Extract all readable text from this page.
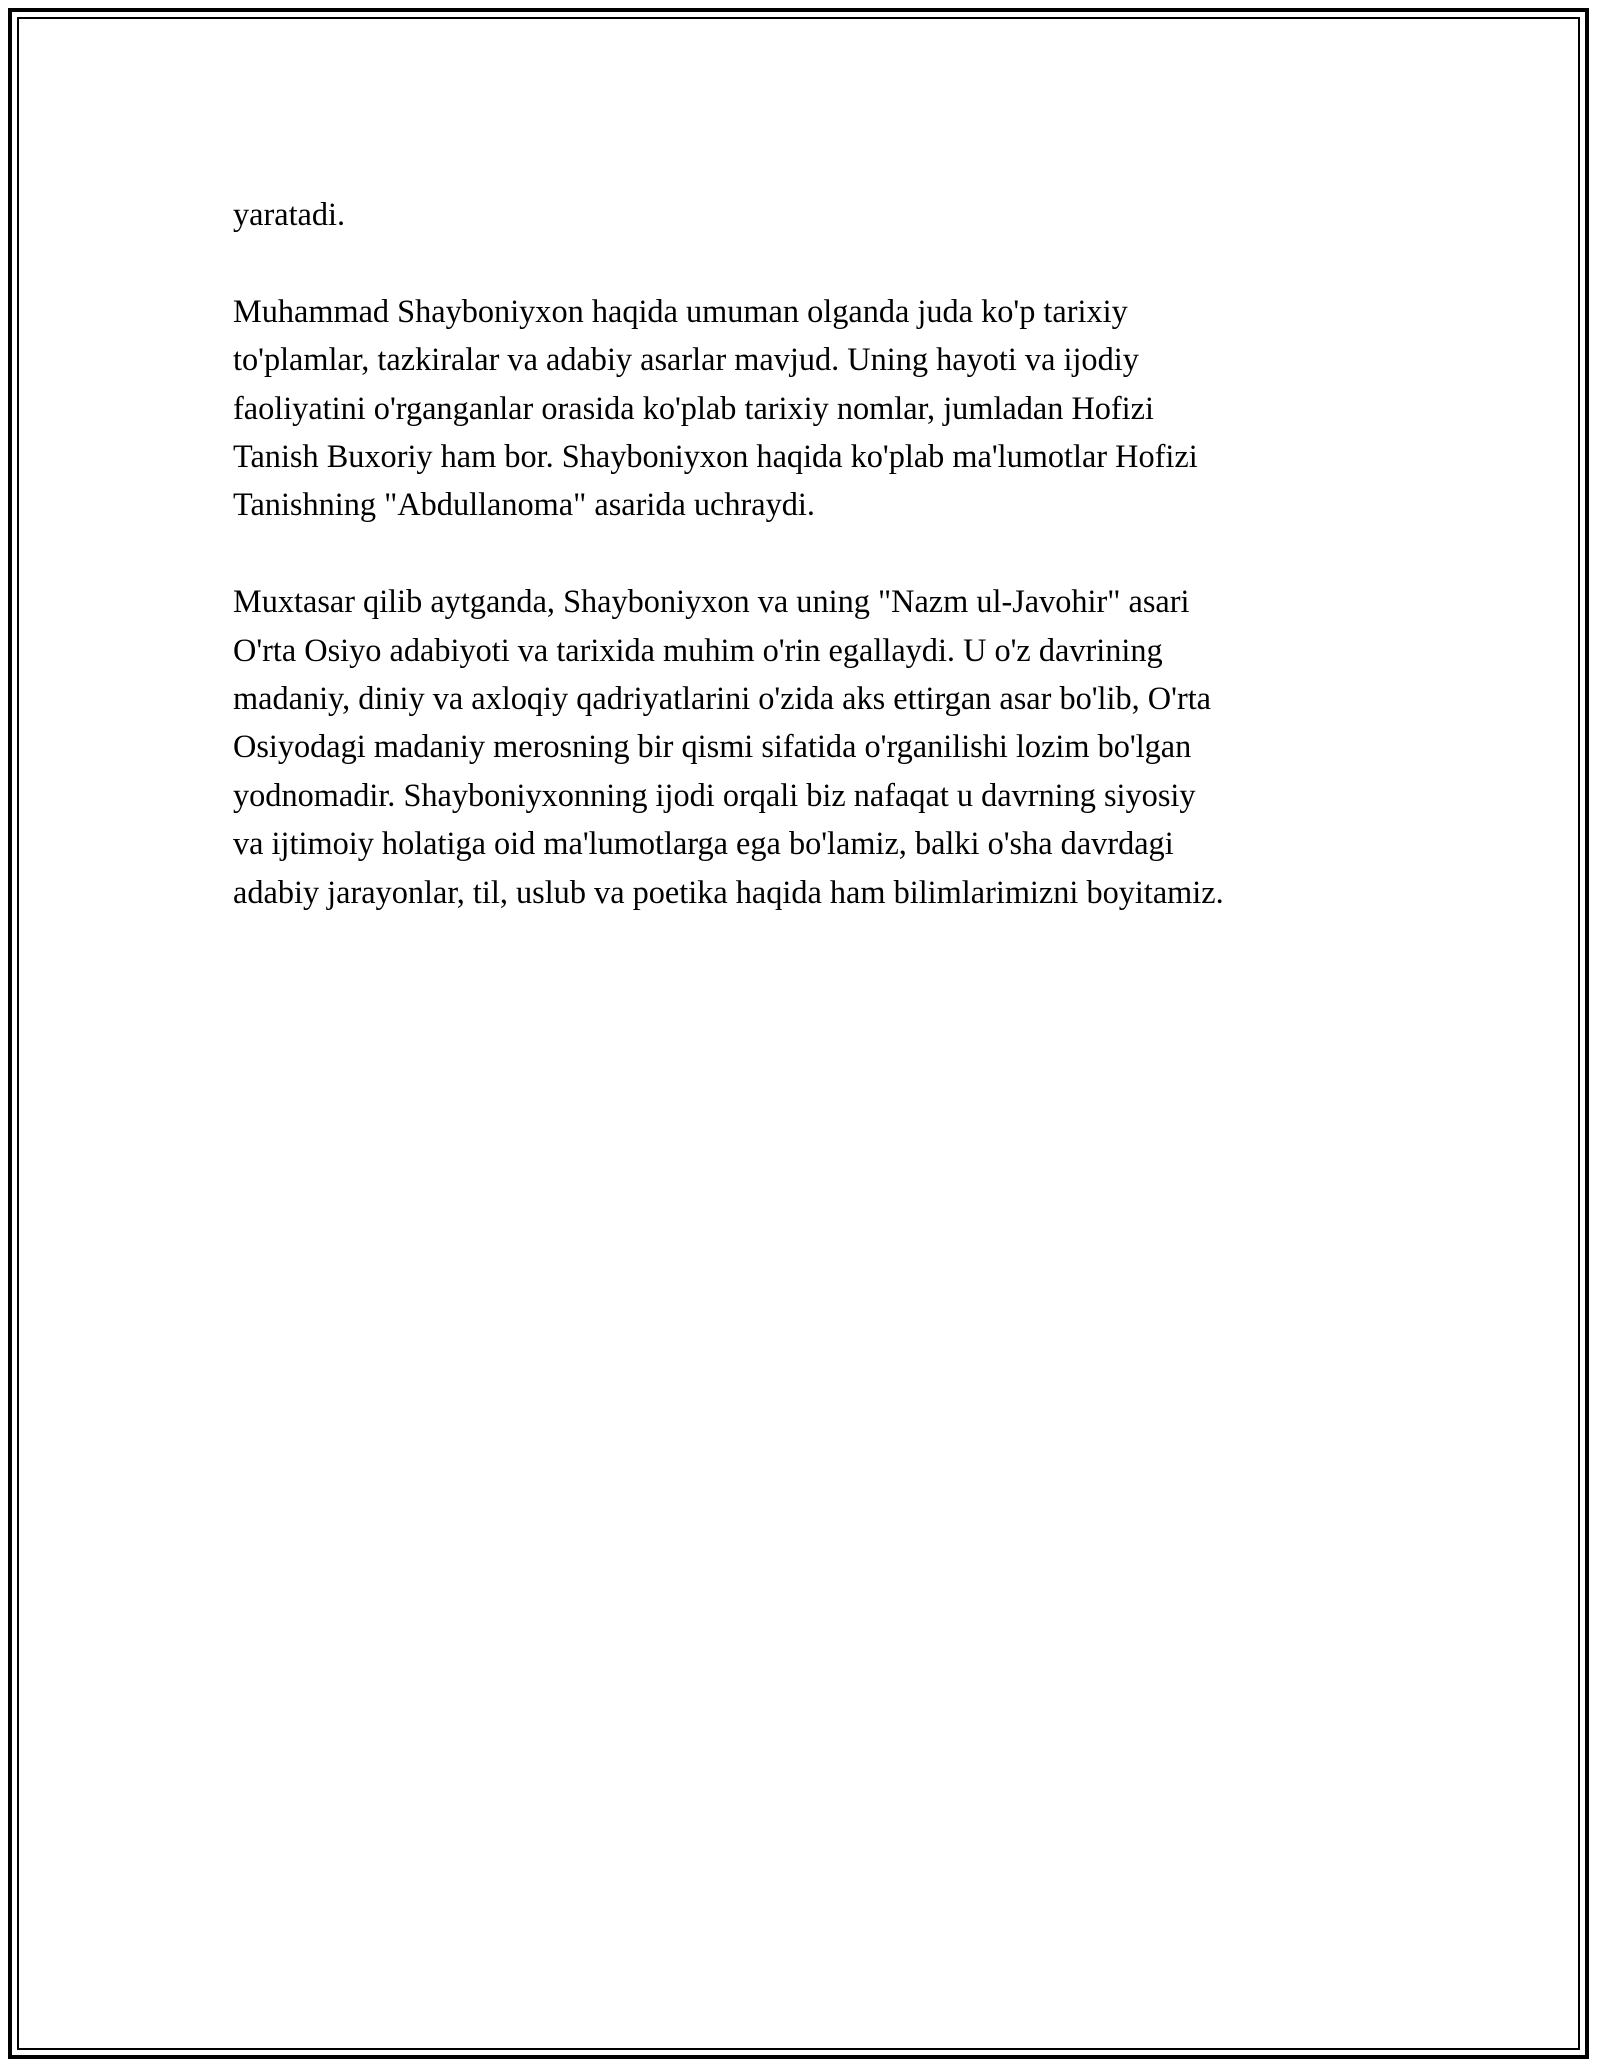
yaratadi.
Muhammad Shayboniyxon haqida umuman olganda juda ko'p tarixiy
to'plamlar, tazkiralar va adabiy asarlar mavjud. Uning hayoti va ijodiy
faoliyatini o'rganganlar orasida ko'plab tarixiy nomlar, jumladan Hofizi
Tanish Buxoriy ham bor. Shayboniyxon haqida ko'plab ma'lumotlar Hofizi
Tanishning "Abdullanoma" asarida uchraydi.
Muxtasar qilib aytganda, Shayboniyxon va uning "Nazm ul-Javohir" asari
O'rta Osiyo adabiyoti va tarixida muhim o'rin egallaydi. U o'z davrining
madaniy, diniy va axloqiy qadriyatlarini o'zida aks ettirgan asar bo'lib, O'rta
Osiyodagi madaniy merosning bir qismi sifatida o'rganilishi lozim bo'lgan
yodnomadir. Shayboniyxonning ijodi orqali biz nafaqat u davrning siyosiy
va ijtimoiy holatiga oid ma'lumotlarga ega bo'lamiz, balki o'sha davrdagi
adabiy jarayonlar, til, uslub va poetika haqida ham bilimlarimizni boyitamiz.
